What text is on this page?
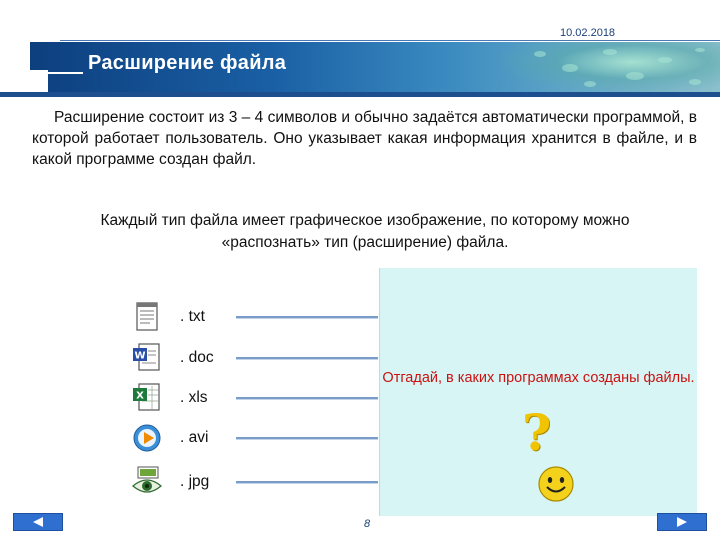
10.02.2018
Расширение файла

Расширение состоит из 3 – 4 символов и обычно задаётся автоматически программой, в которой работает пользователь. Оно указывает какая информация хранится в файле, и в какой программе создан файл.

Каждый тип файла имеет графическое изображение, по которому можно «распознать» тип (расширение) файла.

. txt
W . doc
X . xls
. avi
. jpg
Отгадай, в каких программах созданы файлы.
?
8
